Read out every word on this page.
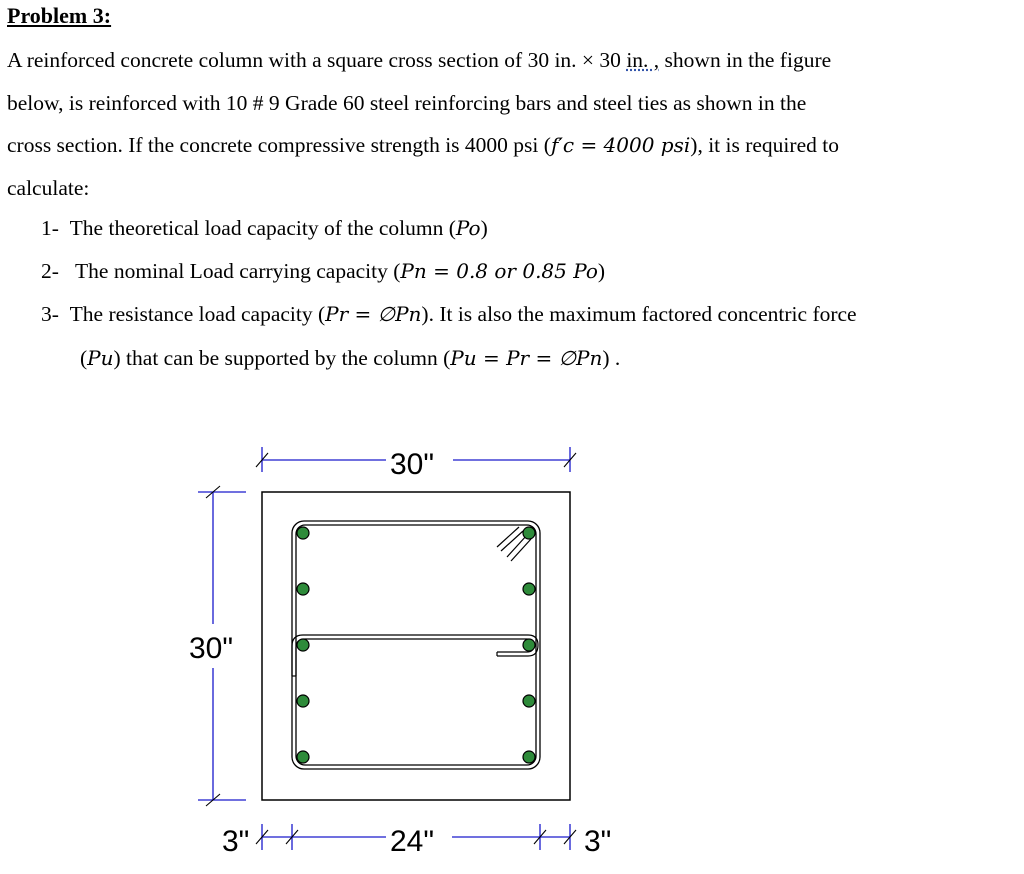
Problem 3:

A reinforced concrete column with a square cross section of 30 in. × 30 in. , shown in the figure

below, is reinforced with 10 # 9 Grade 60 steel reinforcing bars and steel ties as shown in the

cross section. If the concrete compressive strength is 4000 psi (f′c = 4000 psi), it is required to

calculate:

1- The theoretical load capacity of the column (Po)
2- The nominal Load carrying capacity (Pn = 0.8 or 0.85 Po)
3- The resistance load capacity (Pr = ∅Pn). It is also the maximum factored concentric force
(Pu) that can be supported by the column (Pu = Pr = ∅Pn) .
30"
30"
3"	24"	3"
